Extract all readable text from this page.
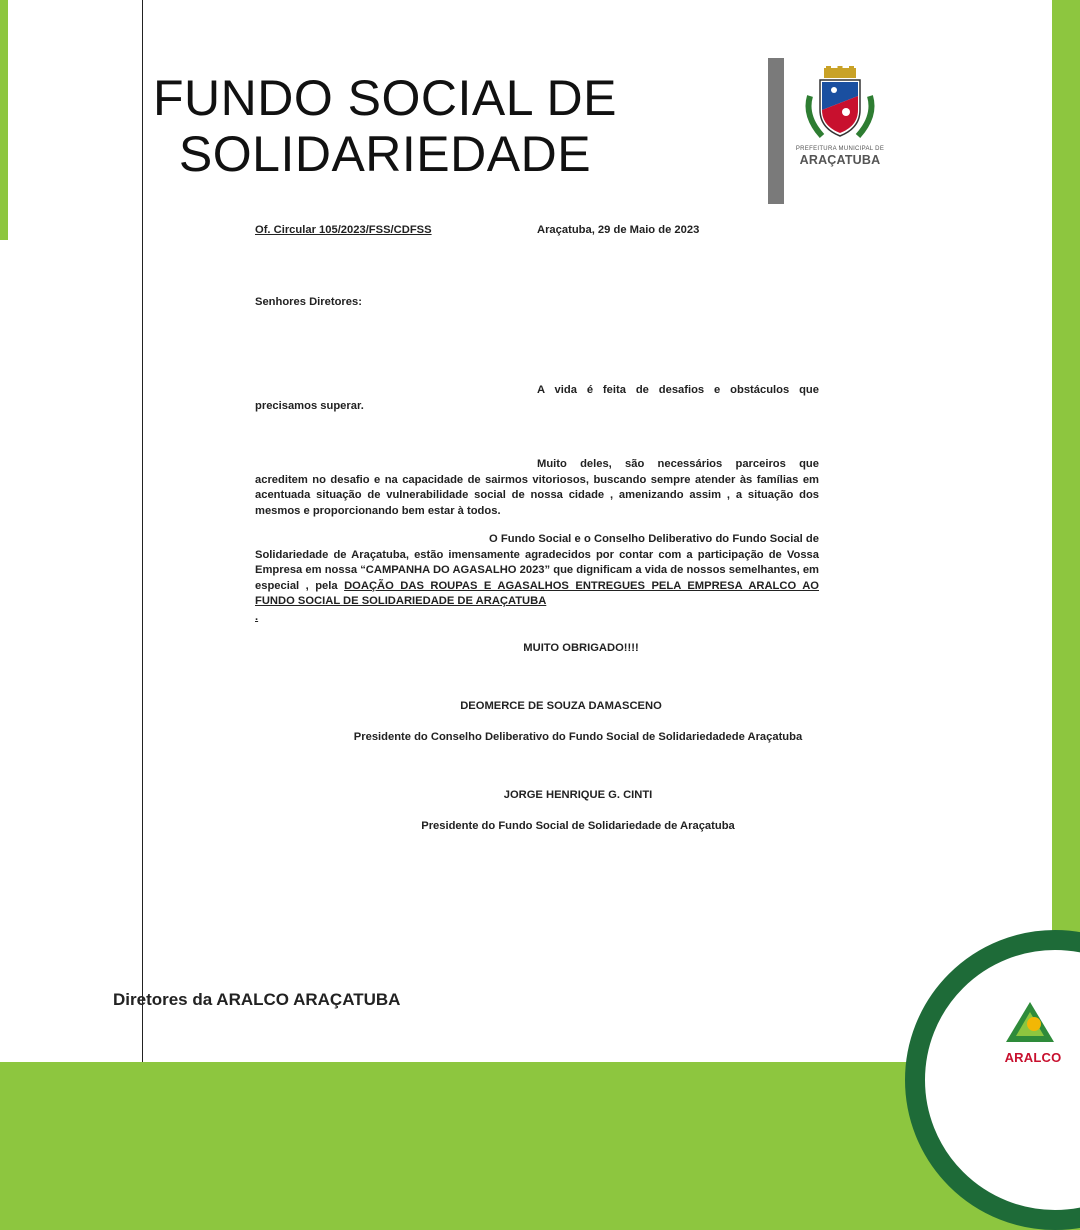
FUNDO SOCIAL DE
SOLIDARIEDADE	PREFEITURA MUNICIPAL DE
ARAÇATUBA
Of. Circular 105/2023/FSS/CDFSS	Araçatuba, 29 de Maio de 2023
Senhores Diretores:
A vida é feita de desafios e obstáculos que precisamos superar.
Muito deles, são necessários parceiros que acreditem no desafio e na capacidade de sairmos vitoriosos, buscando sempre atender às famílias em acentuada situação de vulnerabilidade social de nossa cidade , amenizando assim , a situação dos mesmos e proporcionando bem estar à todos.
O Fundo Social e o Conselho Deliberativo do Fundo Social de Solidariedade de Araçatuba, estão imensamente agradecidos por contar com a participação de Vossa Empresa em nossa “CAMPANHA DO AGASALHO 2023” que dignificam a vida de nossos semelhantes, em especial , pela DOAÇÃO DAS ROUPAS E AGASALHOS ENTREGUES PELA EMPRESA ARALCO AO FUNDO SOCIAL DE SOLIDARIEDADE DE ARAÇATUBA
.
MUITO OBRIGADO!!!!
DEOMERCE DE SOUZA DAMASCENO
Presidente do Conselho Deliberativo do Fundo Social de Solidariedadede Araçatuba
JORGE HENRIQUE G. CINTI
Presidente do Fundo Social de Solidariedade de Araçatuba
Diretores da ARALCO ARAÇATUBA
ARALCO
